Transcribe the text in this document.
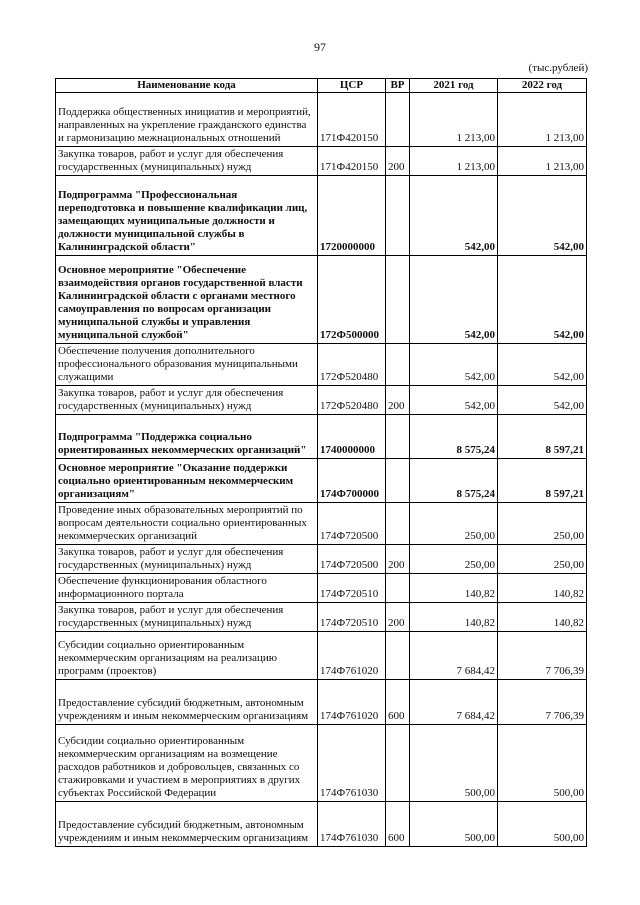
97
(тыс.рублей)
Наименование кода	ЦСР	ВР	2021 год	2022 год
Поддержка общественных инициатив и мероприятий, направленных на укрепление гражданского единства и гармонизацию межнациональных отношений	171Ф420150		1 213,00	1 213,00
Закупка товаров, работ и услуг для обеспечения государственных (муниципальных) нужд	171Ф420150	200	1 213,00	1 213,00
Подпрограмма "Профессиональная переподготовка и повышение квалификации лиц, замещающих муниципальные должности и должности муниципальной службы в Калининградской области"	1720000000		542,00	542,00
Основное мероприятие "Обеспечение взаимодействия органов государственной власти Калининградской области с органами местного самоуправления по вопросам организации муниципальной службы и управления муниципальной службой"	172Ф500000		542,00	542,00
Обеспечение получения дополнительного профессионального образования муниципальными служащими	172Ф520480		542,00	542,00
Закупка товаров, работ и услуг для обеспечения государственных (муниципальных) нужд	172Ф520480	200	542,00	542,00
Подпрограмма "Поддержка социально ориентированных некоммерческих организаций"	1740000000		8 575,24	8 597,21
Основное мероприятие "Оказание поддержки социально ориентированным некоммерческим организациям"	174Ф700000		8 575,24	8 597,21
Проведение иных образовательных мероприятий по вопросам деятельности социально ориентированных некоммерческих организаций	174Ф720500		250,00	250,00
Закупка товаров, работ и услуг для обеспечения государственных (муниципальных) нужд	174Ф720500	200	250,00	250,00
Обеспечение функционирования областного информационного портала	174Ф720510		140,82	140,82
Закупка товаров, работ и услуг для обеспечения государственных (муниципальных) нужд	174Ф720510	200	140,82	140,82
Субсидии социально ориентированным некоммерческим организациям на реализацию программ (проектов)	174Ф761020		7 684,42	7 706,39
Предоставление субсидий бюджетным, автономным учреждениям и иным некоммерческим организациям	174Ф761020	600	7 684,42	7 706,39
Субсидии социально ориентированным некоммерческим организациям на возмещение расходов работников и добровольцев, связанных со стажировками и участием в мероприятиях в других субъектах Российской Федерации	174Ф761030		500,00	500,00
Предоставление субсидий бюджетным, автономным учреждениям и иным некоммерческим организациям	174Ф761030	600	500,00	500,00
